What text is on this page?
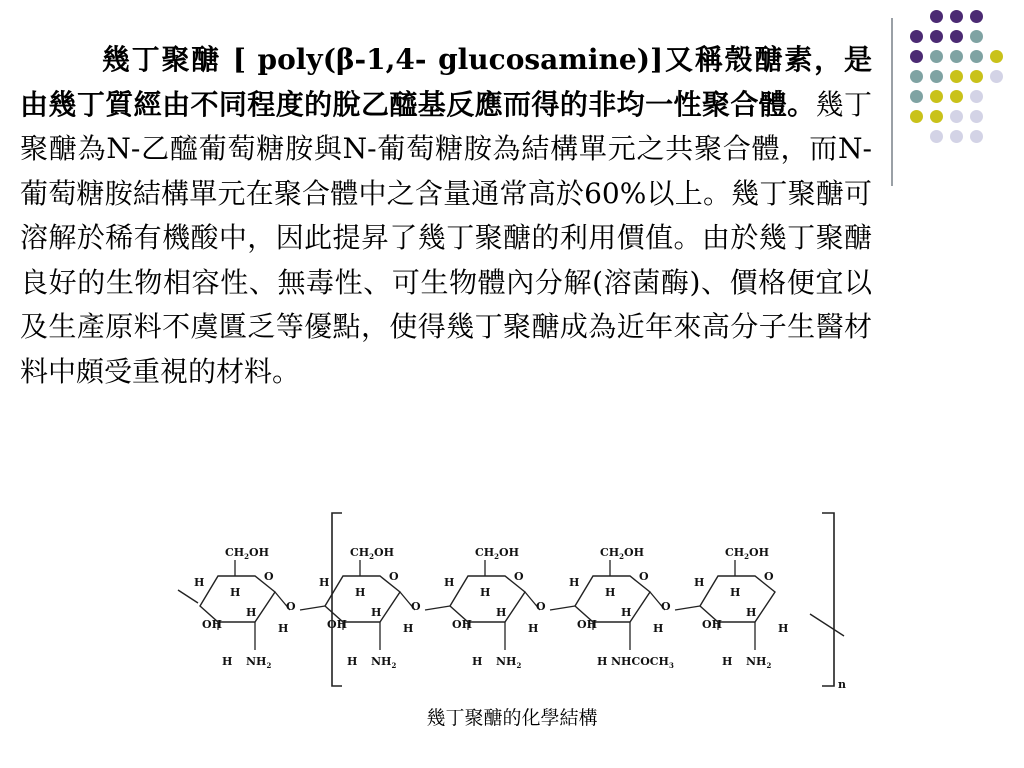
幾丁聚醣 [ poly(β-1,4- glucosamine)]又稱殼醣素，是由幾丁質經由不同程度的脫乙醯基反應而得的非均一性聚合體。幾丁聚醣為N-乙醯葡萄糖胺與N-葡萄糖胺為結構單元之共聚合體，而N-葡萄糖胺結構單元在聚合體中之含量通常高於60%以上。幾丁聚醣可溶解於稀有機酸中，因此提昇了幾丁聚醣的利用價值。由於幾丁聚醣良好的生物相容性、無毒性、可生物體內分解(溶菌酶)、價格便宜以及生產原料不虞匱乏等優點，使得幾丁聚醣成為近年來高分子生醫材料中頗受重視的材料。
n
$CH_2OH$
O
H
H
H
H
H
OH
$NH_2$
O
$CH_2OH$
O
H
H
H
H
H
OH
$NH_2$
O
$CH_2OH$
O
H
H
H
H
H
OH
$NH_2$
O
$CH_2OH$
O
H
H
H
H
H
OH
$NHCOCH_3$
O
$CH_2OH$
O
H
H
H
H
H
OH
$NH_2$
幾丁聚醣的化學結構
